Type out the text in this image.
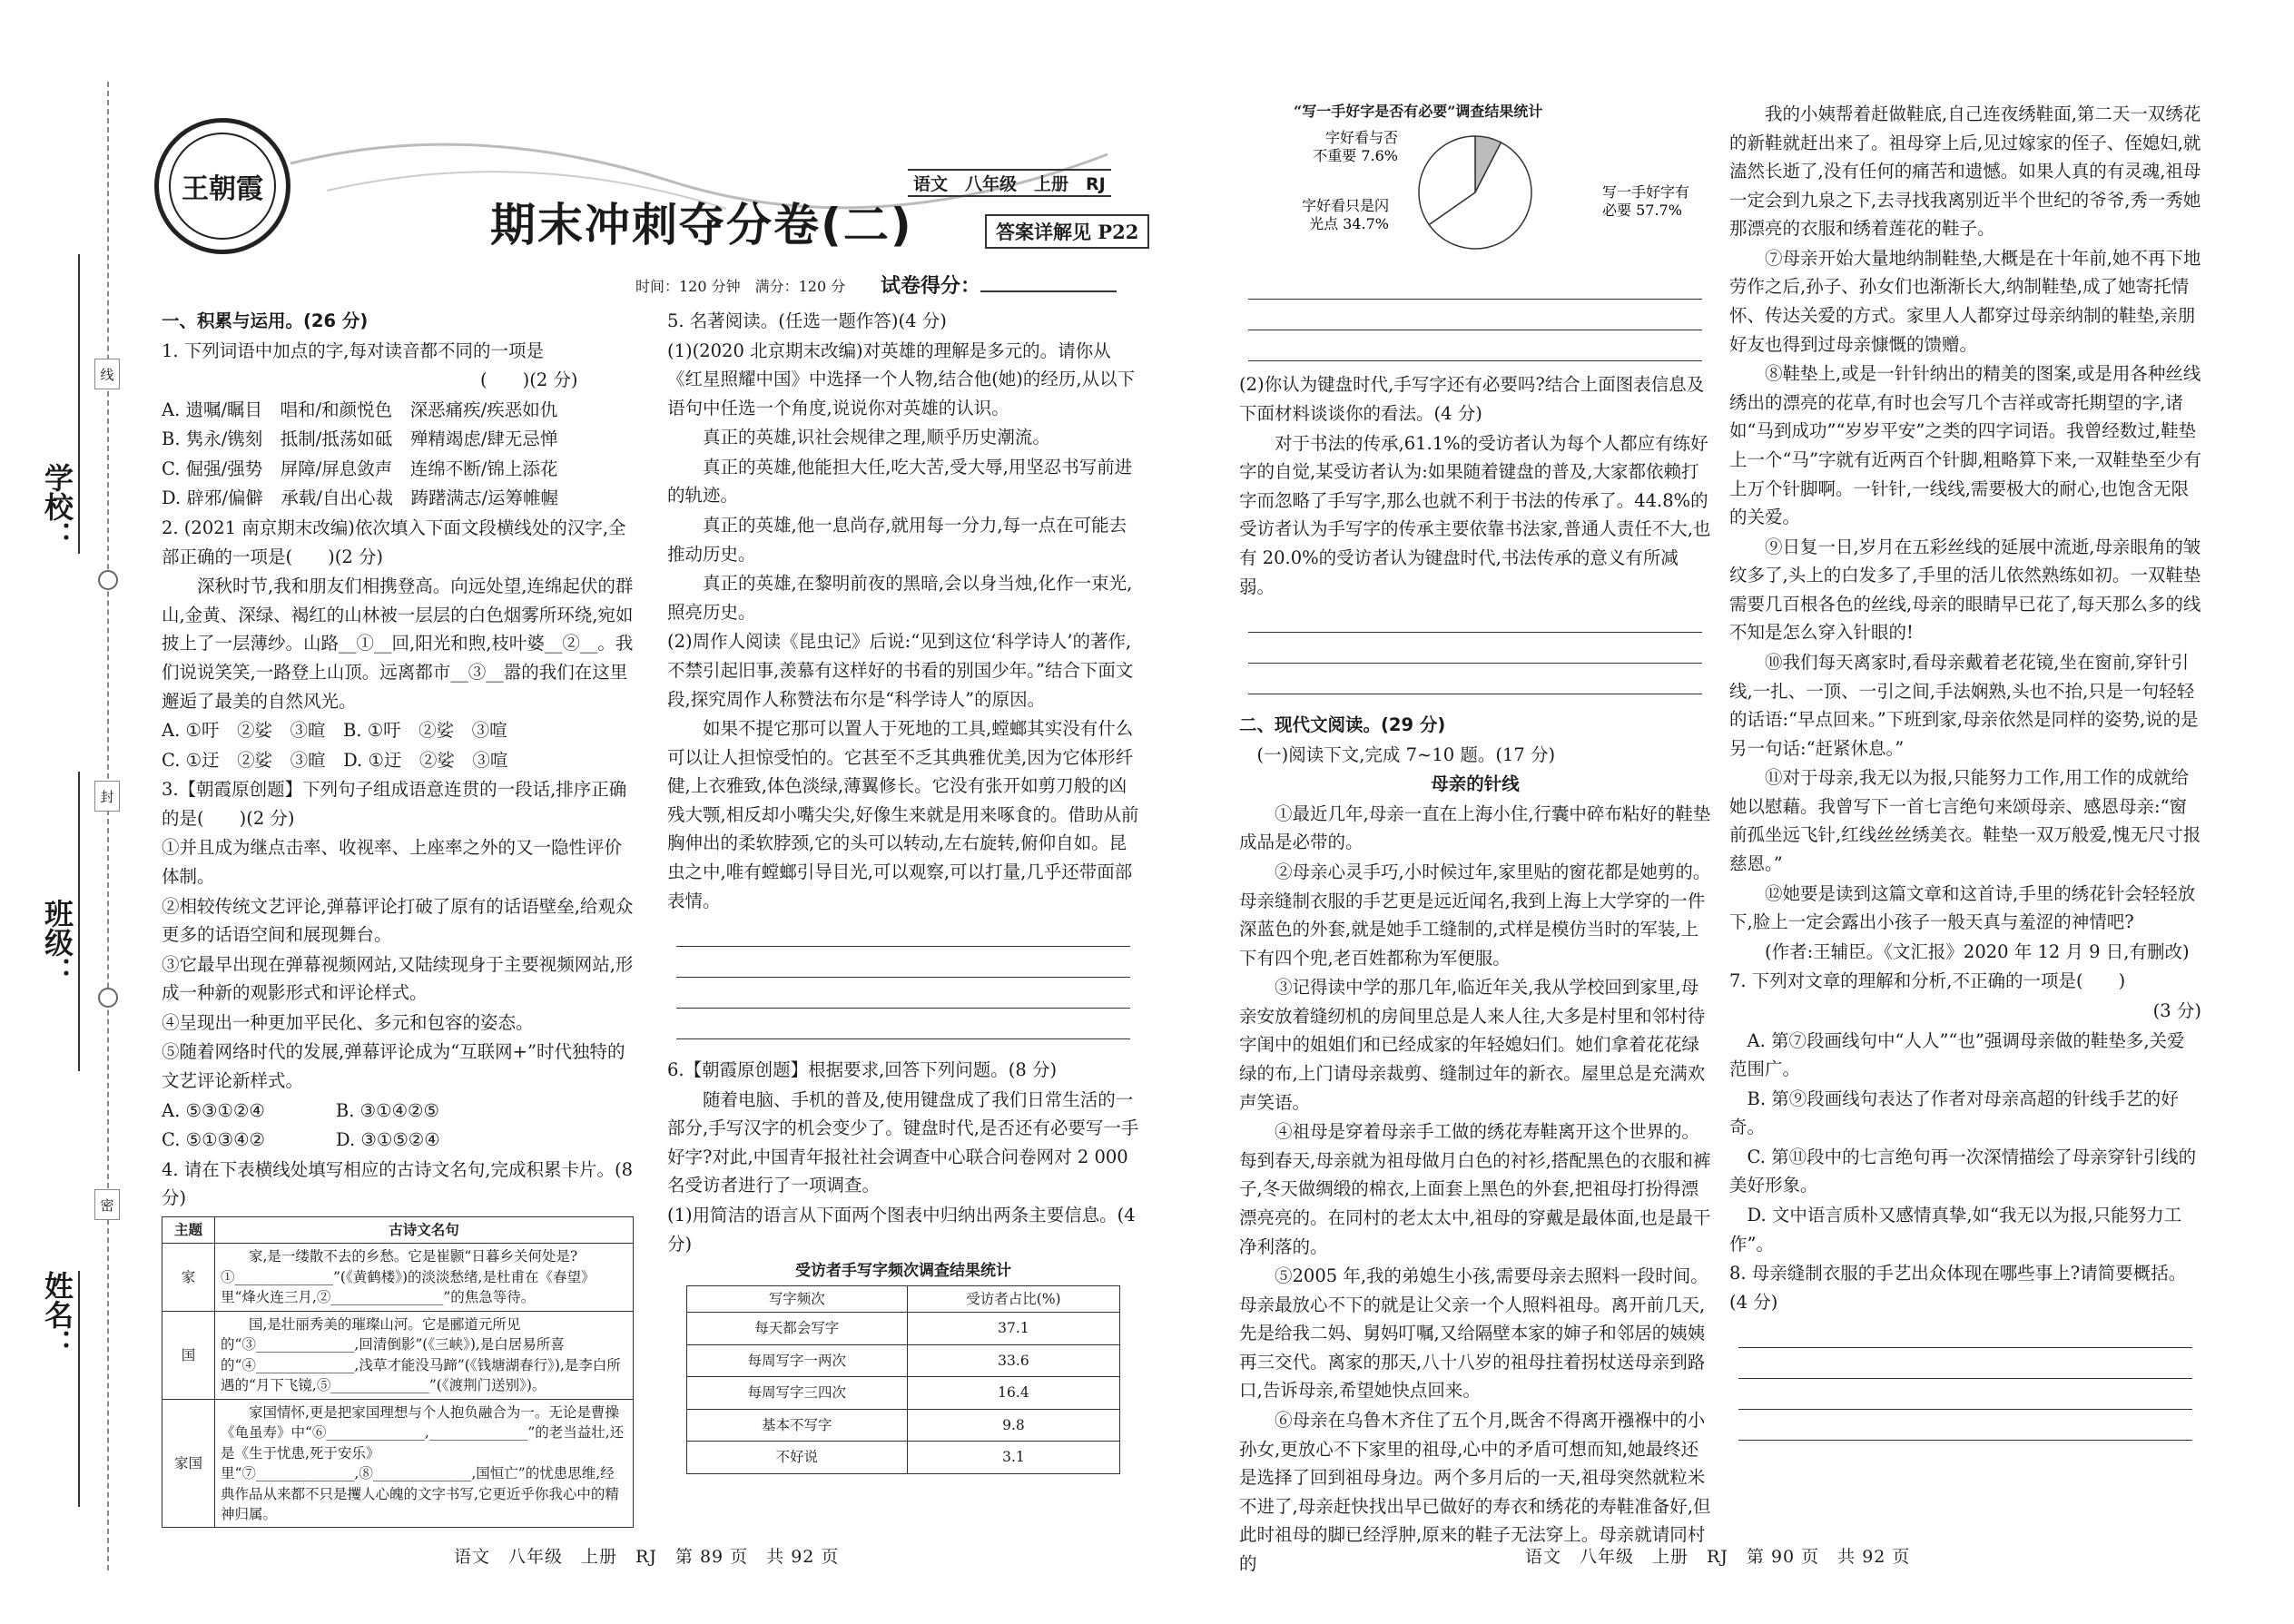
学校：
班级：
姓名：
线
封
密
王朝霞
期末冲刺夺分卷(二)
语文　八年级　上册　RJ
答案详解见 P22
时间：120 分钟　满分：120 分 试卷得分：

一、积累与运用。(26 分)

1. 下列词语中加点的字,每对读音都不同的一项是

　　　　　　　　　　　　　　　　　　(　　)(2 分)

A. 遗嘱/瞩目　唱和/和颜悦色　深恶痛疾/疾恶如仇

B. 隽永/镌刻　抵制/抵荡如砥　殚精竭虑/肆无忌惮

C. 倔强/强势　屏障/屏息敛声　连绵不断/锦上添花

D. 辟邪/偏僻　承载/自出心裁　踌躇满志/运筹帷幄

2. (2021 南京期末改编)依次填入下面文段横线处的汉字,全部正确的一项是(　　)(2 分)

深秋时节,我和朋友们相携登高。向远处望,连绵起伏的群山,金黄、深绿、褐红的山林被一层层的白色烟雾所环绕,宛如披上了一层薄纱。山路__①__回,阳光和煦,枝叶婆__②__。我们说说笑笑,一路登上山顶。远离都市__③__嚣的我们在这里邂逅了最美的自然风光。

A. ①吁　②娑　③暄　B. ①吁　②娑　③喧

C. ①迂　②娑　③暄　D. ①迂　②娑　③喧

3.【朝霞原创题】下列句子组成语意连贯的一段话,排序正确的是(　　)(2 分)

①并且成为继点击率、收视率、上座率之外的又一隐性评价体制。

②相较传统文艺评论,弹幕评论打破了原有的话语壁垒,给观众更多的话语空间和展现舞台。

③它最早出现在弹幕视频网站,又陆续现身于主要视频网站,形成一种新的观影形式和评论样式。

④呈现出一种更加平民化、多元和包容的姿态。

⑤随着网络时代的发展,弹幕评论成为“互联网+”时代独特的文艺评论新样式。

A. ⑤③①②④　　　　B. ③①④②⑤

C. ⑤①③④②　　　　D. ③①⑤②④

4. 请在下表横线处填写相应的古诗文名句,完成积累卡片。(8 分)

主题	古诗文名句
家	家,是一缕散不去的乡愁。它是崔颢“日暮乡关何处是?①______________”(《黄鹤楼》)的淡淡愁绪,是杜甫在《春望》里“烽火连三月,②________________”的焦急等待。
国	国,是壮丽秀美的璀璨山河。它是郦道元所见的“③______________,回清倒影”(《三峡》),是白居易所喜的“④______________,浅草才能没马蹄”(《钱塘湖春行》),是李白所遇的“月下飞镜,⑤______________”(《渡荆门送别》)。
家国	家国情怀,更是把家国理想与个人抱负融合为一。无论是曹操《龟虽寿》中“⑥______________,______________”的老当益壮,还是《生于忧患,死于安乐》里“⑦______________,⑧______________,国恒亡”的忧患思维,经典作品从来都不只是攫人心魄的文字书写,它更近乎你我心中的精神归属。

5. 名著阅读。(任选一题作答)(4 分)

(1)(2020 北京期末改编)对英雄的理解是多元的。请你从《红星照耀中国》中选择一个人物,结合他(她)的经历,从以下语句中任选一个角度,说说你对英雄的认识。

真正的英雄,识社会规律之理,顺乎历史潮流。

真正的英雄,他能担大任,吃大苦,受大辱,用坚忍书写前进的轨迹。

真正的英雄,他一息尚存,就用每一分力,每一点在可能去推动历史。

真正的英雄,在黎明前夜的黑暗,会以身当烛,化作一束光,照亮历史。

(2)周作人阅读《昆虫记》后说:“见到这位‘科学诗人’的著作,不禁引起旧事,羡慕有这样好的书看的别国少年。”结合下面文段,探究周作人称赞法布尔是“科学诗人”的原因。

如果不提它那可以置人于死地的工具,螳螂其实没有什么可以让人担惊受怕的。它甚至不乏其典雅优美,因为它体形纤健,上衣雅致,体色淡绿,薄翼修长。它没有张开如剪刀般的凶残大颚,相反却小嘴尖尖,好像生来就是用来啄食的。借助从前胸伸出的柔软脖颈,它的头可以转动,左右旋转,俯仰自如。昆虫之中,唯有螳螂引导目光,可以观察,可以打量,几乎还带面部表情。

6.【朝霞原创题】根据要求,回答下列问题。(8 分)

随着电脑、手机的普及,使用键盘成了我们日常生活的一部分,手写汉字的机会变少了。键盘时代,是否还有必要写一手好字?对此,中国青年报社社会调查中心联合问卷网对 2 000 名受访者进行了一项调查。

(1)用简洁的语言从下面两个图表中归纳出两条主要信息。(4 分)

受访者手写字频次调查结果统计

写字频次	受访者占比(%)
每天都会写字	37.1
每周写字一两次	33.6
每周写字三四次	16.4
基本不写字	9.8
不好说	3.1

“写一手好字是否有必要”调查结果统计

写一手好字有
必要 57.7%
字好看只是闪
光点 34.7%
字好看与否
不重要 7.6%

(2)你认为键盘时代,手写字还有必要吗?结合上面图表信息及下面材料谈谈你的看法。(4 分)

对于书法的传承,61.1%的受访者认为每个人都应有练好字的自觉,某受访者认为:如果随着键盘的普及,大家都依赖打字而忽略了手写字,那么也就不利于书法的传承了。44.8%的受访者认为手写字的传承主要依靠书法家,普通人责任不大,也有 20.0%的受访者认为键盘时代,书法传承的意义有所减弱。

二、现代文阅读。(29 分)

　(一)阅读下文,完成 7~10 题。(17 分)

母亲的针线

①最近几年,母亲一直在上海小住,行囊中碎布粘好的鞋垫成品是必带的。

②母亲心灵手巧,小时候过年,家里贴的窗花都是她剪的。母亲缝制衣服的手艺更是远近闻名,我到上海上大学穿的一件深蓝色的外套,就是她手工缝制的,式样是模仿当时的军装,上下有四个兜,老百姓都称为军便服。

③记得读中学的那几年,临近年关,我从学校回到家里,母亲安放着缝纫机的房间里总是人来人往,大多是村里和邻村待字闺中的姐姐们和已经成家的年轻媳妇们。她们拿着花花绿绿的布,上门请母亲裁剪、缝制过年的新衣。屋里总是充满欢声笑语。

④祖母是穿着母亲手工做的绣花寿鞋离开这个世界的。每到春天,母亲就为祖母做月白色的衬衫,搭配黑色的衣服和裤子,冬天做绸缎的棉衣,上面套上黑色的外套,把祖母打扮得漂漂亮亮的。在同村的老太太中,祖母的穿戴是最体面,也是最干净利落的。

⑤2005 年,我的弟媳生小孩,需要母亲去照料一段时间。母亲最放心不下的就是让父亲一个人照料祖母。离开前几天,先是给我二妈、舅妈叮嘱,又给隔壁本家的婶子和邻居的姨姨再三交代。离家的那天,八十八岁的祖母拄着拐杖送母亲到路口,告诉母亲,希望她快点回来。

⑥母亲在乌鲁木齐住了五个月,既舍不得离开襁褓中的小孙女,更放心不下家里的祖母,心中的矛盾可想而知,她最终还是选择了回到祖母身边。两个多月后的一天,祖母突然就粒米不进了,母亲赶快找出早已做好的寿衣和绣花的寿鞋准备好,但此时祖母的脚已经浮肿,原来的鞋子无法穿上。母亲就请同村的

我的小姨帮着赶做鞋底,自己连夜绣鞋面,第二天一双绣花的新鞋就赶出来了。祖母穿上后,见过嫁家的侄子、侄媳妇,就溘然长逝了,没有任何的痛苦和遗憾。如果人真的有灵魂,祖母一定会到九泉之下,去寻找我离别近半个世纪的爷爷,秀一秀她那漂亮的衣服和绣着莲花的鞋子。

⑦母亲开始大量地纳制鞋垫,大概是在十年前,她不再下地劳作之后,孙子、孙女们也渐渐长大,纳制鞋垫,成了她寄托情怀、传达关爱的方式。家里人人都穿过母亲纳制的鞋垫,亲朋好友也得到过母亲慷慨的馈赠。

⑧鞋垫上,或是一针针纳出的精美的图案,或是用各种丝线绣出的漂亮的花草,有时也会写几个吉祥或寄托期望的字,诸如“马到成功”“岁岁平安”之类的四字词语。我曾经数过,鞋垫上一个“马”字就有近两百个针脚,粗略算下来,一双鞋垫至少有上万个针脚啊。一针针,一线线,需要极大的耐心,也饱含无限的关爱。

⑨日复一日,岁月在五彩丝线的延展中流逝,母亲眼角的皱纹多了,头上的白发多了,手里的活儿依然熟练如初。一双鞋垫需要几百根各色的丝线,母亲的眼睛早已花了,每天那么多的线不知是怎么穿入针眼的!

⑩我们每天离家时,看母亲戴着老花镜,坐在窗前,穿针引线,一扎、一顶、一引之间,手法娴熟,头也不抬,只是一句轻轻的话语:“早点回来。”下班到家,母亲依然是同样的姿势,说的是另一句话:“赶紧休息。”

⑪对于母亲,我无以为报,只能努力工作,用工作的成就给她以慰藉。我曾写下一首七言绝句来颂母亲、感恩母亲:“窗前孤坐远飞针,红线丝丝绣美衣。鞋垫一双万般爱,愧无尺寸报慈恩。”

⑫她要是读到这篇文章和这首诗,手里的绣花针会轻轻放下,脸上一定会露出小孩子一般天真与羞涩的神情吧?

(作者:王辅臣。《文汇报》2020 年 12 月 9 日,有删改)

7. 下列对文章的理解和分析,不正确的一项是(　　)

(3 分)

　A. 第⑦段画线句中“人人”“也”强调母亲做的鞋垫多,关爱范围广。

　B. 第⑨段画线句表达了作者对母亲高超的针线手艺的好奇。

　C. 第⑪段中的七言绝句再一次深情描绘了母亲穿针引线的美好形象。

　D. 文中语言质朴又感情真挚,如“我无以为报,只能努力工作”。

8. 母亲缝制衣服的手艺出众体现在哪些事上?请简要概括。(4 分)

语文　八年级　上册　RJ　第 89 页　共 92 页	语文　八年级　上册　RJ　第 90 页　共 92 页
